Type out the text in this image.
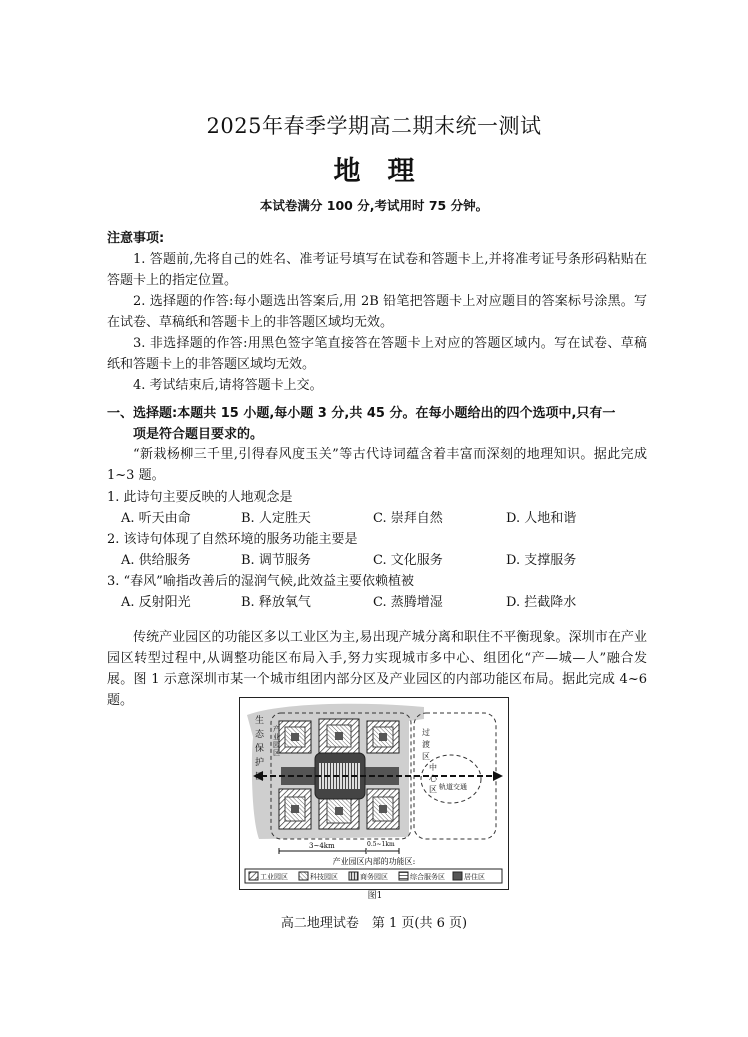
2025年春季学期高二期末统一测试
地　理
本试卷满分 100 分,考试用时 75 分钟。
注意事项:
1. 答题前,先将自己的姓名、准考证号填写在试卷和答题卡上,并将准考证号条形码粘贴在答题卡上的指定位置。
2. 选择题的作答:每小题选出答案后,用 2B 铅笔把答题卡上对应题目的答案标号涂黑。写在试卷、草稿纸和答题卡上的非答题区域均无效。
3. 非选择题的作答:用黑色签字笔直接答在答题卡上对应的答题区域内。写在试卷、草稿纸和答题卡上的非答题区域均无效。
4. 考试结束后,请将答题卡上交。
一、选择题:本题共 15 小题,每小题 3 分,共 45 分。在每小题给出的四个选项中,只有一
项是符合题目要求的。
“新栽杨柳三千里,引得春风度玉关”等古代诗词蕴含着丰富而深刻的地理知识。据此完成 1~3 题。
1. 此诗句主要反映的人地观念是
A. 听天由命	B. 人定胜天	C. 崇拜自然	D. 人地和谐
2. 该诗句体现了自然环境的服务功能主要是
A. 供给服务	B. 调节服务	C. 文化服务	D. 支撑服务
3. “春风”喻指改善后的湿润气候,此效益主要依赖植被
A. 反射阳光	B. 释放氧气	C. 蒸腾增湿	D. 拦截降水
传统产业园区的功能区多以工业区为主,易出现产城分离和职住不平衡现象。深圳市在产业园区转型过程中,从调整功能区布局入手,努力实现城市多中心、组团化“产—城—人”融合发展。图 1 示意深圳市某一个城市组团内部分区及产业园区的内部功能区布局。据此完成 4~6 题。
生
态
保
护
区
产
业
园
区
过
渡
区
中
心
区 轨道交通
3~4km	0.5~1km
产业园区内部的功能区:
工业园区	科技园区	商务园区	综合服务区	居住区
图1
高二地理试卷　第 1 页(共 6 页)
